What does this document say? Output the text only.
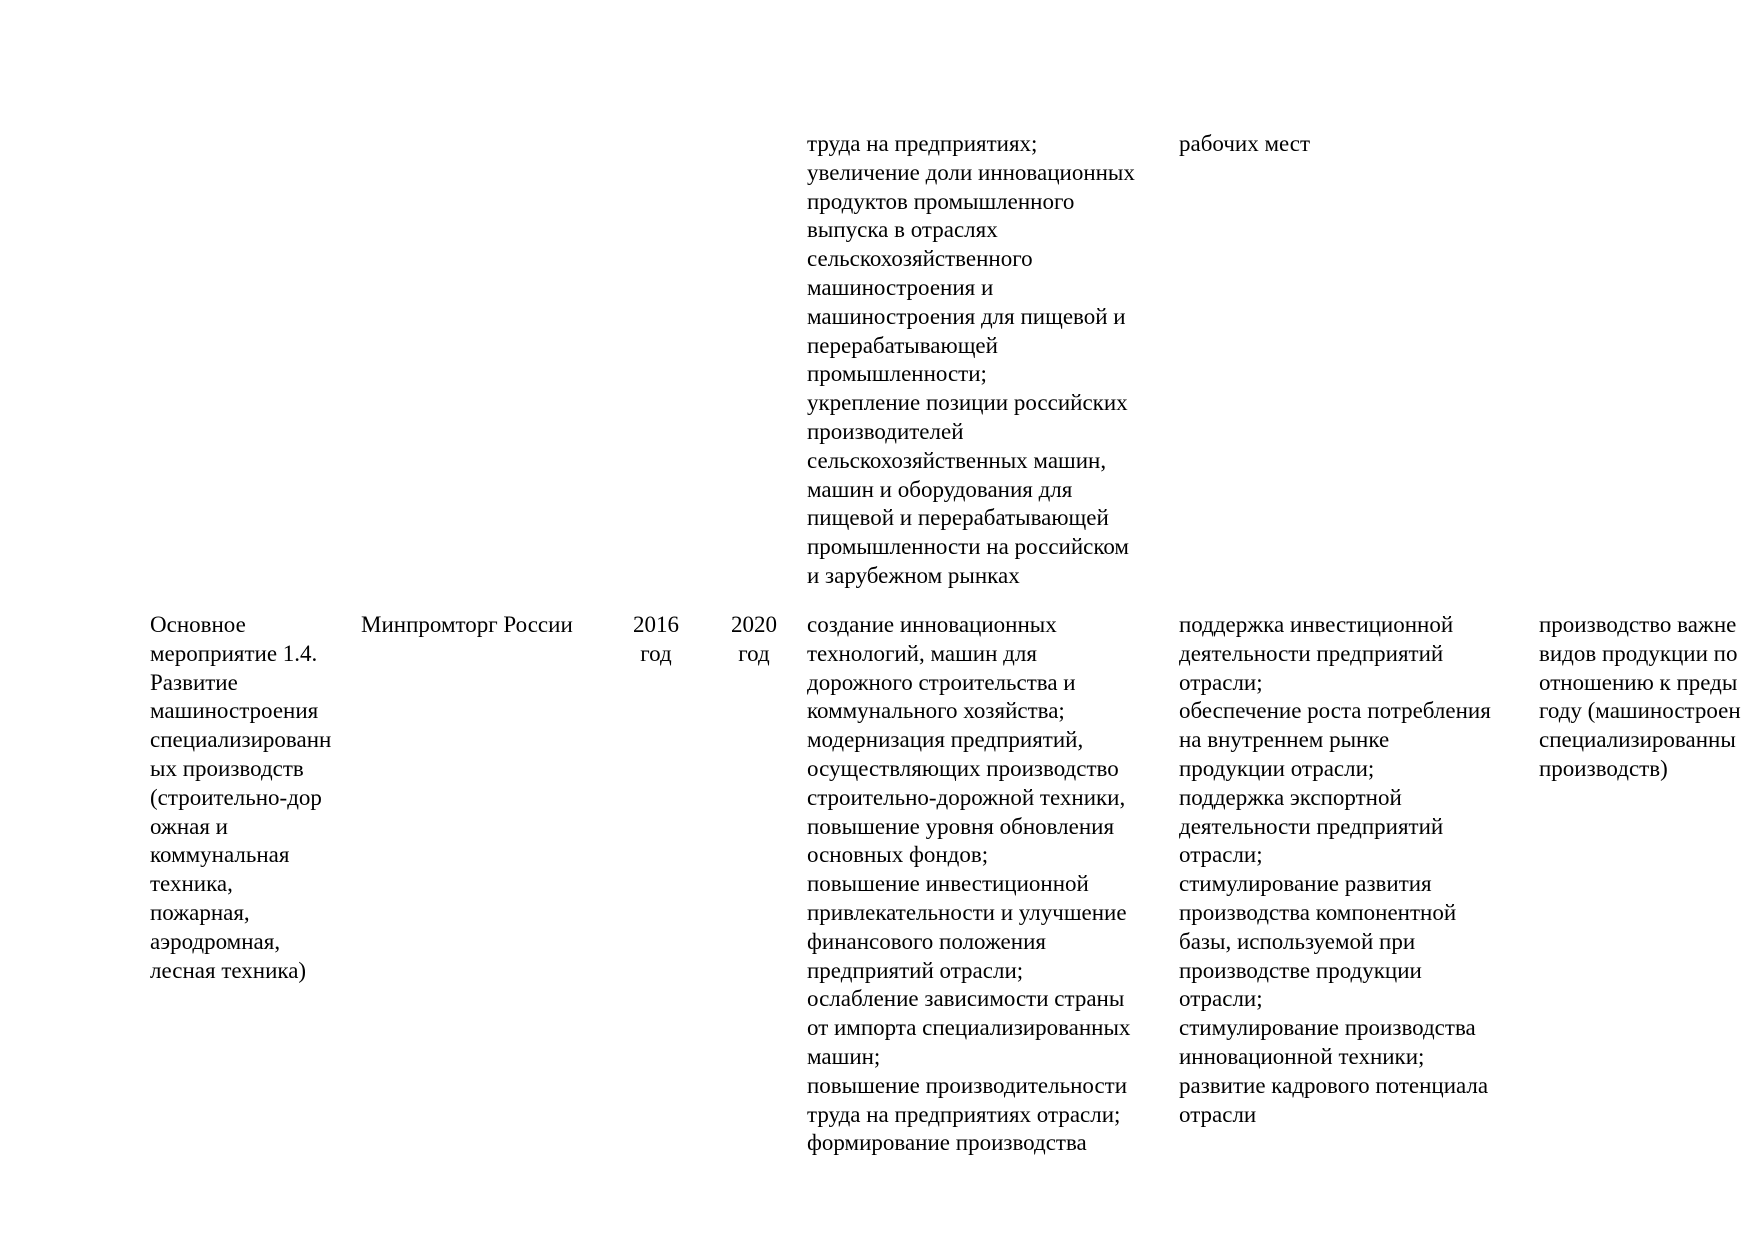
труда на предприятиях;
увеличение доли инновационных
продуктов промышленного
выпуска в отраслях
сельскохозяйственного
машиностроения и
машиностроения для пищевой и
перерабатывающей
промышленности;
укрепление позиции российских
производителей
сельскохозяйственных машин,
машин и оборудования для
пищевой и перерабатывающей
промышленности на российском
и зарубежном рынках
рабочих мест
Основное
мероприятие 1.4.
Развитие
машиностроения
специализированн
ых производств
(строительно-дор
ожная и
коммунальная
техника,
пожарная,
аэродромная,
лесная техника)
Минпромторг России	2016
год
2020
год
создание инновационных
технологий, машин для
дорожного строительства и
коммунального хозяйства;
модернизация предприятий,
осуществляющих производство
строительно-дорожной техники,
повышение уровня обновления
основных фондов;
повышение инвестиционной
привлекательности и улучшение
финансового положения
предприятий отрасли;
ослабление зависимости страны
от импорта специализированных
машин;
повышение производительности
труда на предприятиях отрасли;
формирование производства
поддержка инвестиционной
деятельности предприятий
отрасли;
обеспечение роста потребления
на внутреннем рынке
продукции отрасли;
поддержка экспортной
деятельности предприятий
отрасли;
стимулирование развития
производства компонентной
базы, используемой при
производстве продукции
отрасли;
стимулирование производства
инновационной техники;
развитие кадрового потенциала
отрасли
производство важне
видов продукции по
отношению к преды
году (машиностроен
специализированны
производств)
